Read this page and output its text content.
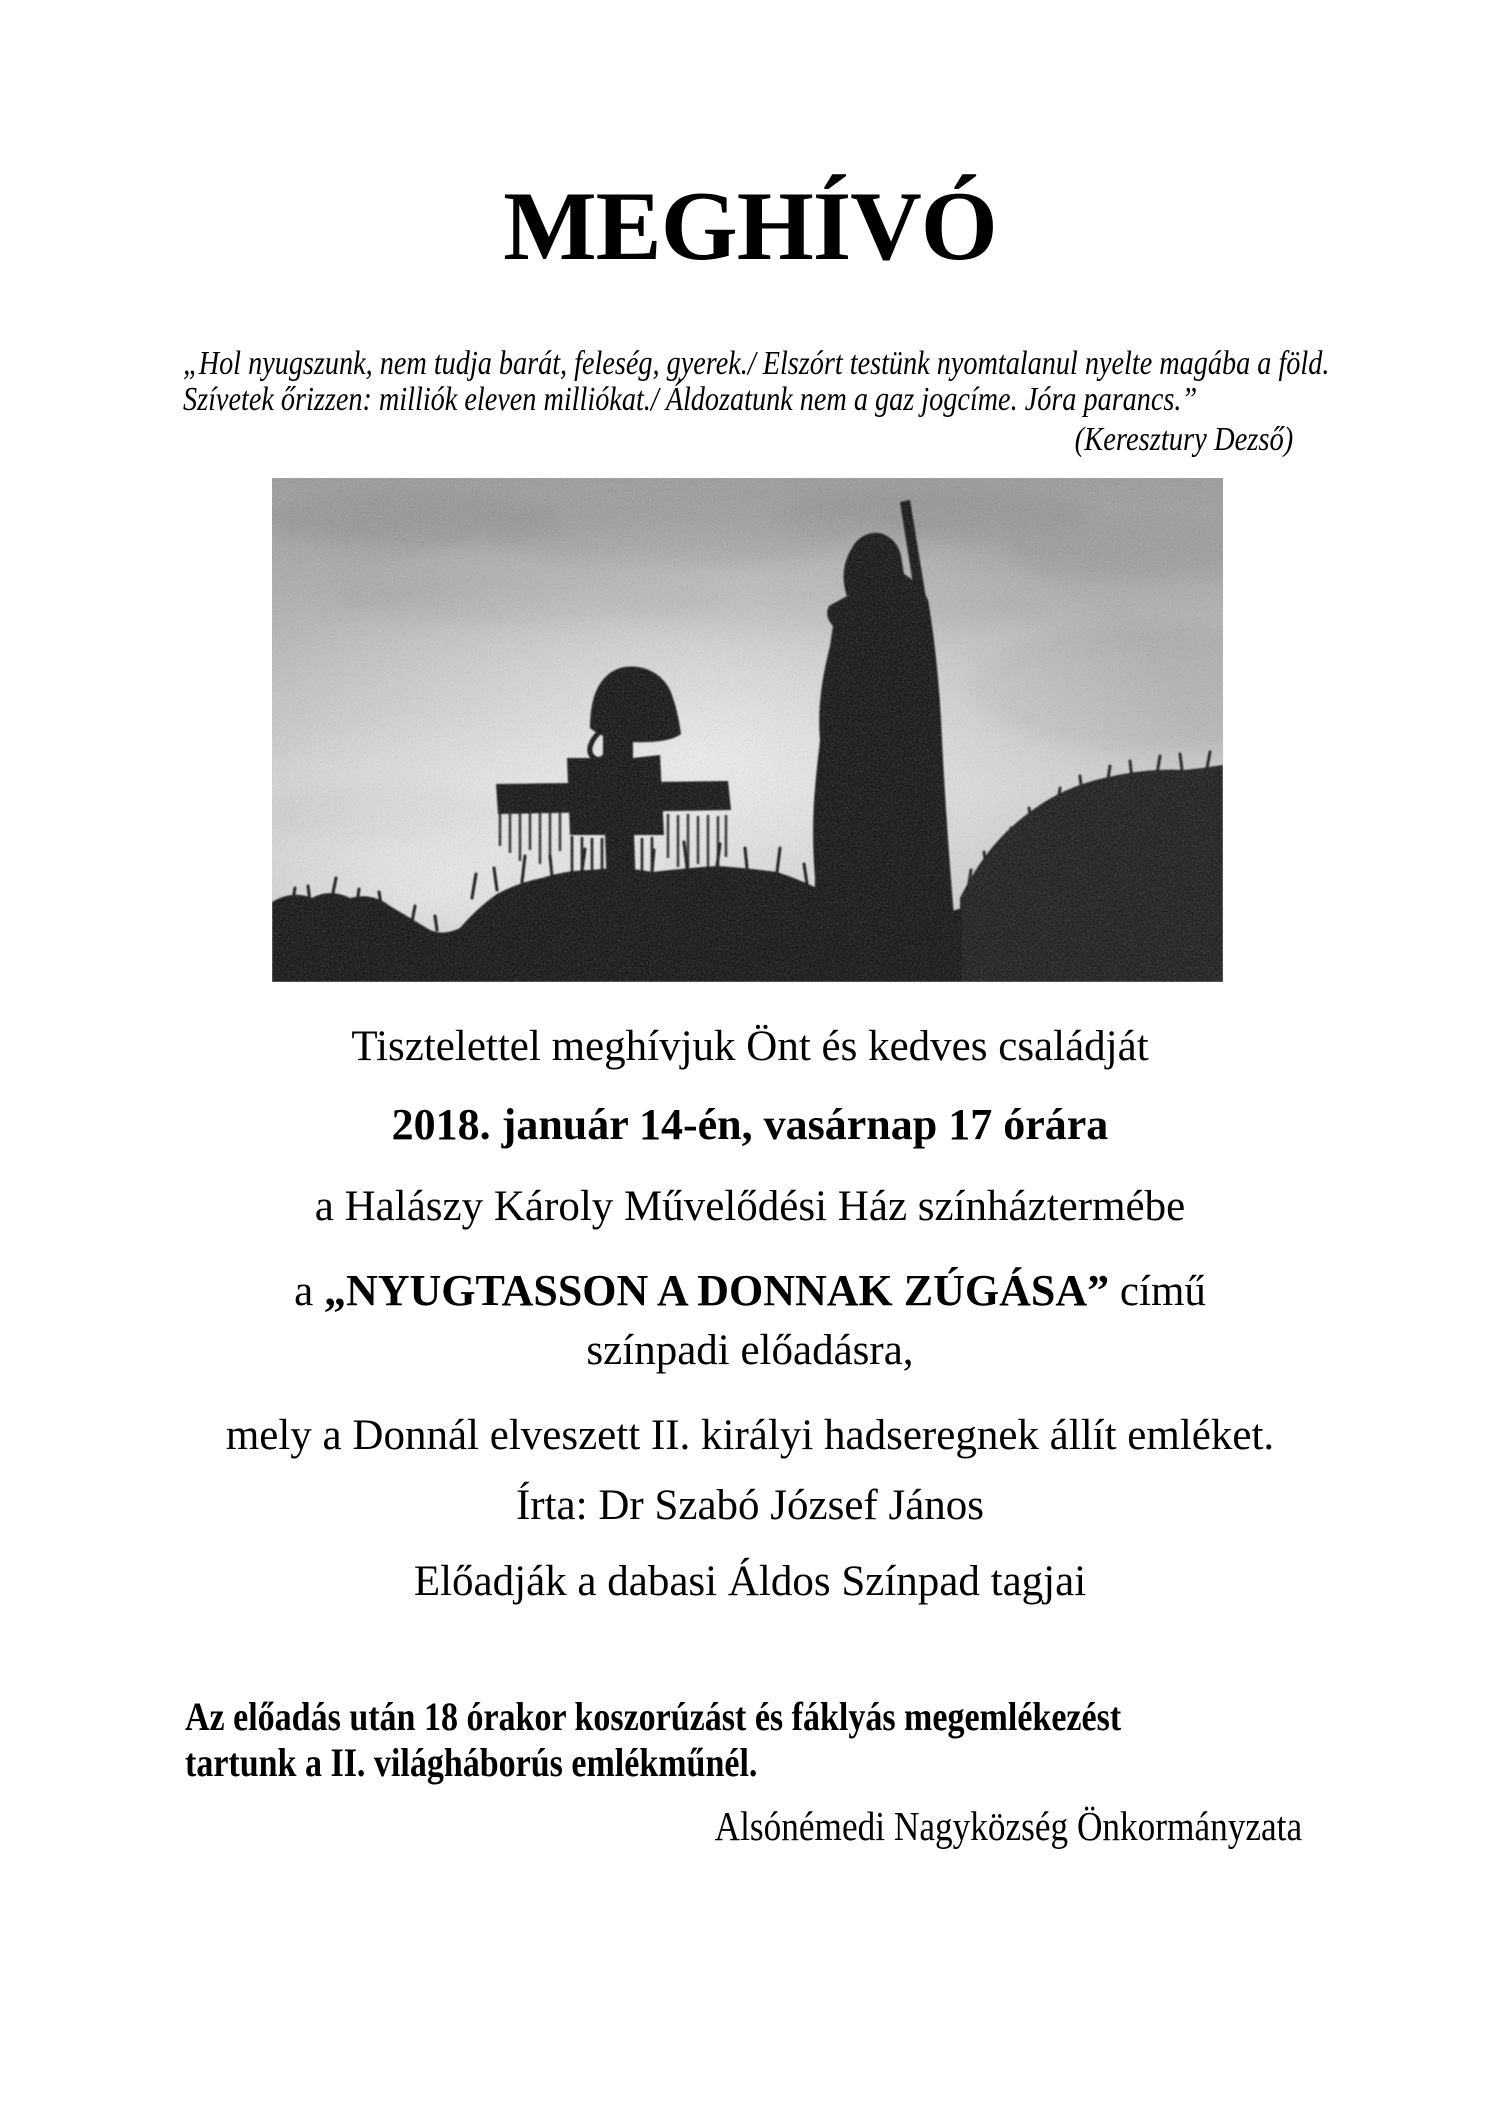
MEGHÍVÓ
„Hol nyugszunk, nem tudja barát, feleség, gyerek./ Elszórt testünk nyomtalanul nyelte magába a föld.
Szívetek őrizzen: milliók eleven milliókat./ Áldozatunk nem a gaz jogcíme. Jóra parancs.”
(Keresztury Dezső)
Tisztelettel meghívjuk Önt és kedves családját
2018. január 14-én, vasárnap 17 órára
a Halászy Károly Művelődési Ház színháztermébe
a „NYUGTASSON A DONNAK ZÚGÁSA” című
színpadi előadásra,
mely a Donnál elveszett II. királyi hadseregnek állít emléket.
Írta: Dr Szabó József János
Előadják a dabasi Áldos Színpad tagjai
Az előadás után 18 órakor koszorúzást és fáklyás megemlékezést
tartunk a II. világháborús emlékműnél.
Alsónémedi Nagyközség Önkormányzata
